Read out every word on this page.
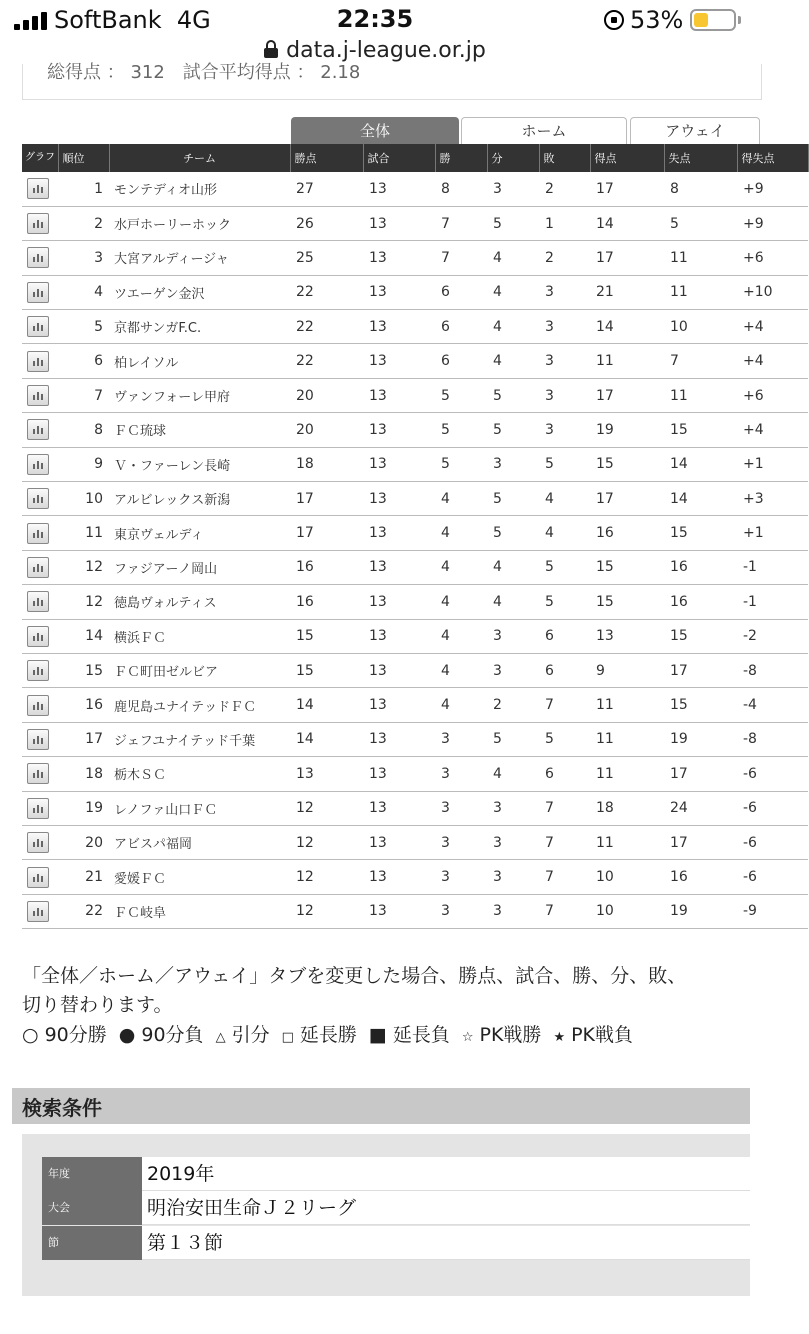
SoftBank 4G	22:35	53%
data.j-league.or.jp
総得点 ： 312　試合平均得点 ： 2.18
全体	ホーム	アウェイ
グラフ	順位	チーム	勝点	試合	勝	分	敗	得点	失点	得失点

	1	モンテディオ山形	27	13	8	3	2	17	8	+9

	2	水戸ホーリーホック	26	13	7	5	1	14	5	+9

	3	大宮アルディージャ	25	13	7	4	2	17	11	+6

	4	ツエーゲン金沢	22	13	6	4	3	21	11	+10

	5	京都サンガF.C.	22	13	6	4	3	14	10	+4

	6	柏レイソル	22	13	6	4	3	11	7	+4

	7	ヴァンフォーレ甲府	20	13	5	5	3	17	11	+6

	8	ＦＣ琉球	20	13	5	5	3	19	15	+4

	9	Ｖ・ファーレン長崎	18	13	5	3	5	15	14	+1

	10	アルビレックス新潟	17	13	4	5	4	17	14	+3

	11	東京ヴェルディ	17	13	4	5	4	16	15	+1

	12	ファジアーノ岡山	16	13	4	4	5	15	16	-1

	12	徳島ヴォルティス	16	13	4	4	5	15	16	-1

	14	横浜ＦＣ	15	13	4	3	6	13	15	-2

	15	ＦＣ町田ゼルビア	15	13	4	3	6	9	17	-8

	16	鹿児島ユナイテッドＦＣ	14	13	4	2	7	11	15	-4

	17	ジェフユナイテッド千葉	14	13	3	5	5	11	19	-8

	18	栃木ＳＣ	13	13	3	4	6	11	17	-6

	19	レノファ山口ＦＣ	12	13	3	3	7	18	24	-6

	20	アビスパ福岡	12	13	3	3	7	11	17	-6

	21	愛媛ＦＣ	12	13	3	3	7	10	16	-6

	22	ＦＣ岐阜	12	13	3	3	7	10	19	-9
「全体／ホーム／アウェイ」タブを変更した場合、勝点、試合、勝、分、敗、
切り替わります。
○ 90分勝 ● 90分負 △ 引分 □ 延長勝 ■ 延長負 ☆ PK戦勝 ★ PK戦負
検索条件
年度	2019年
大会	明治安田生命Ｊ２リーグ
節	第１３節
